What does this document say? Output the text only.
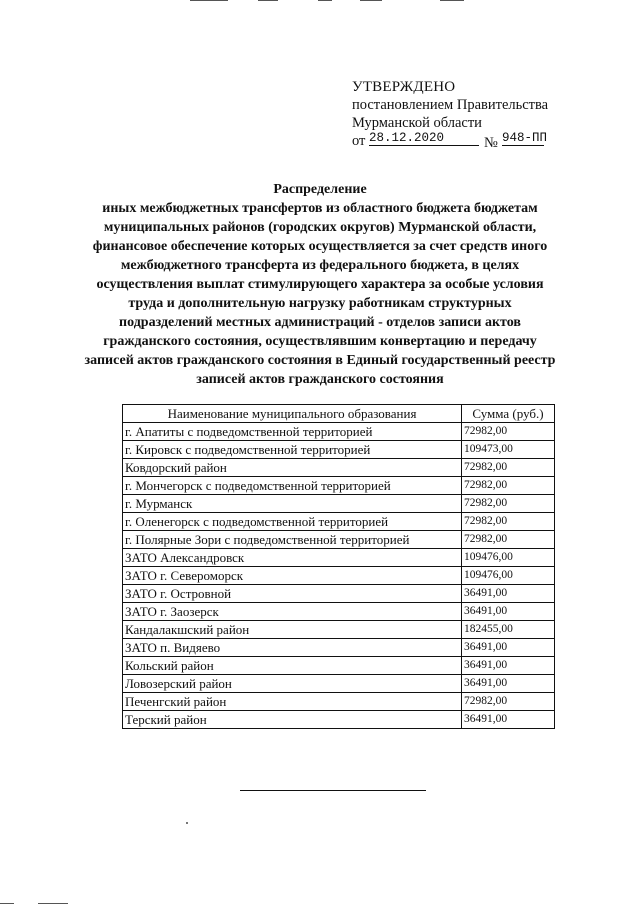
УТВЕРЖДЕНО
постановлением Правительства
Мурманской области
от 28.12.2020	№ 948-ПП
Распределение
иных межбюджетных трансфертов из областного бюджета бюджетам
муниципальных районов (городских округов) Мурманской области,
финансовое обеспечение которых осуществляется за счет средств иного
межбюджетного трансферта из федерального бюджета, в целях
осуществления выплат стимулирующего характера за особые условия
труда и дополнительную нагрузку работникам структурных
подразделений местных администраций - отделов записи актов
гражданского состояния, осуществлявшим конвертацию и передачу
записей актов гражданского состояния в Единый государственный реестр
записей актов гражданского состояния
Наименование муниципального образования	Сумма (руб.)
г. Апатиты с подведомственной территорией	72982,00
г. Кировск с подведомственной территорией	109473,00
Ковдорский район	72982,00
г. Мончегорск с подведомственной территорией	72982,00
г. Мурманск	72982,00
г. Оленегорск с подведомственной территорией	72982,00
г. Полярные Зори с подведомственной территорией	72982,00
ЗАТО Александровск	109476,00
ЗАТО г. Североморск	109476,00
ЗАТО г. Островной	36491,00
ЗАТО г. Заозерск	36491,00
Кандалакшский район	182455,00
ЗАТО п. Видяево	36491,00
Кольский район	36491,00
Ловозерский район	36491,00
Печенгский район	72982,00
Терский район	36491,00
